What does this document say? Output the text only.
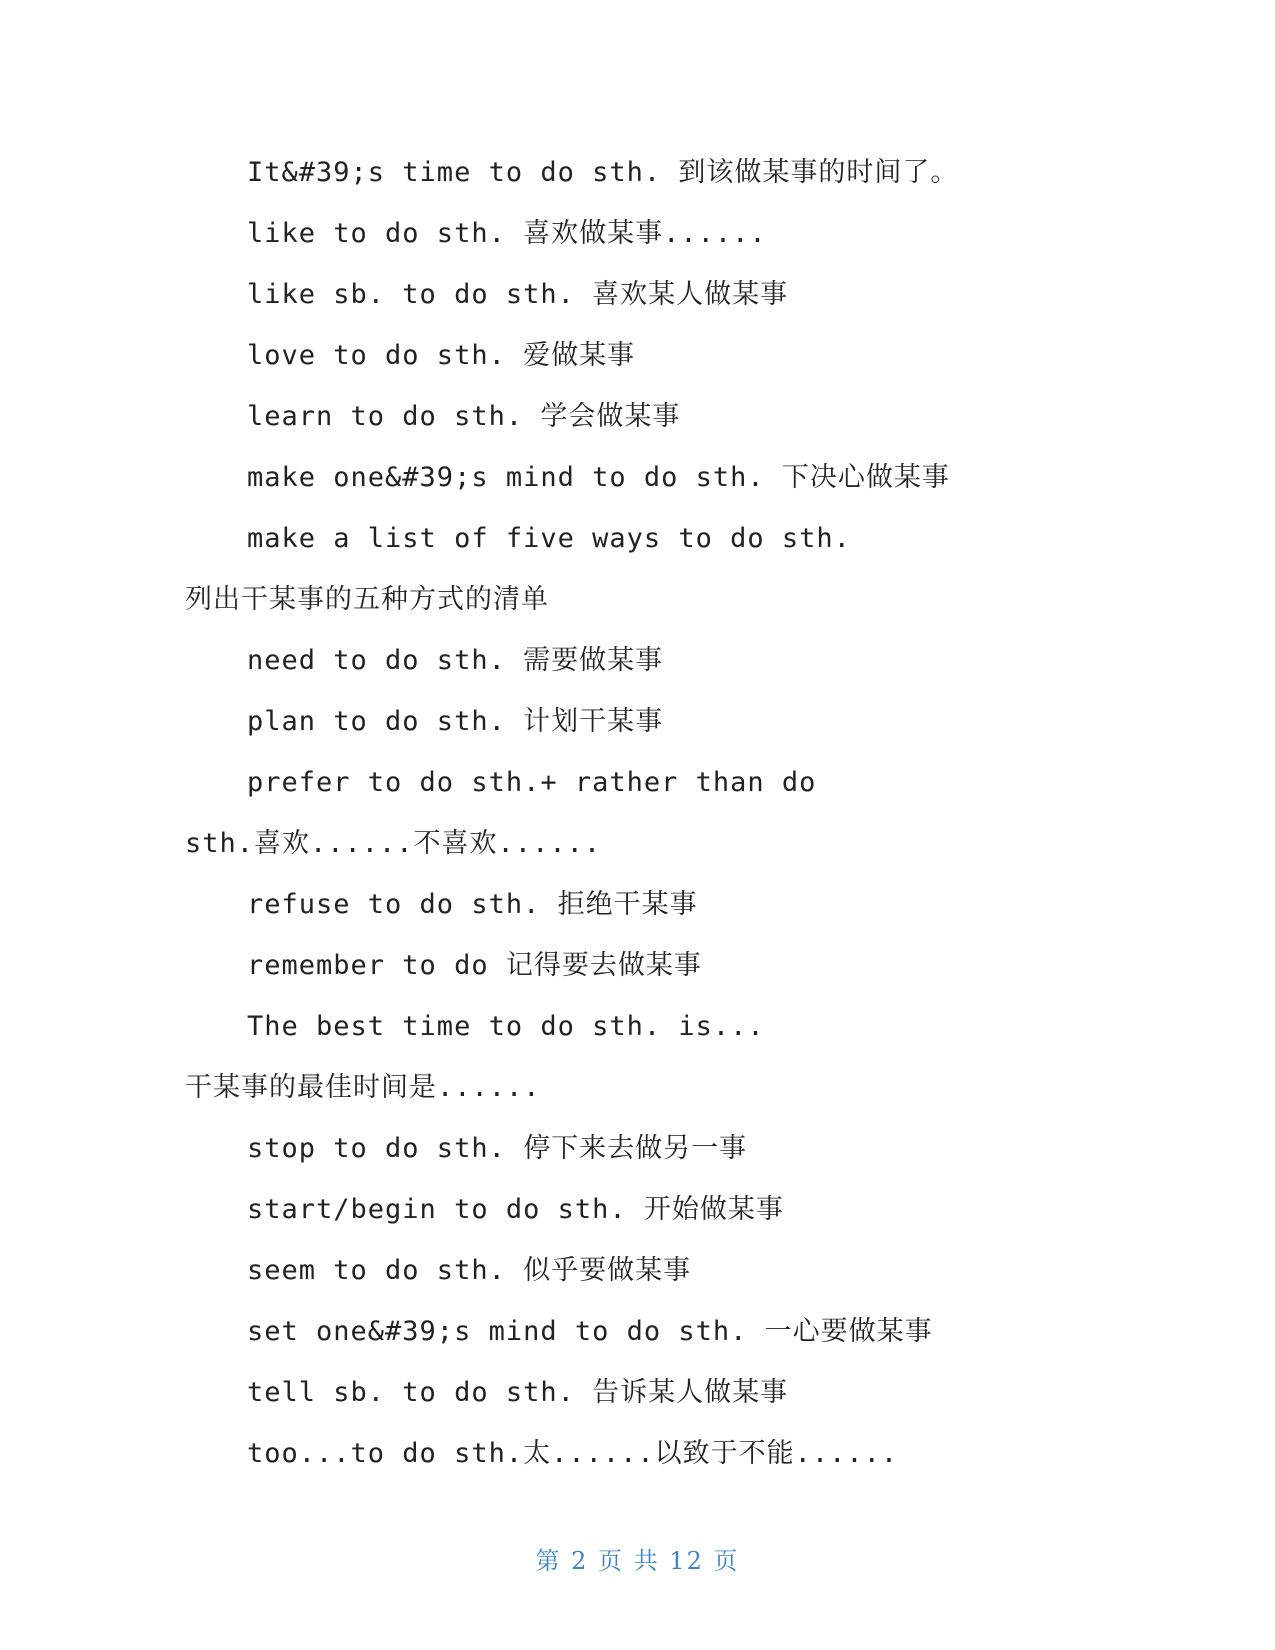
It&#39;s time to do sth. 到该做某事的时间了。
like to do sth. 喜欢做某事......
like sb. to do sth. 喜欢某人做某事
love to do sth. 爱做某事
learn to do sth. 学会做某事
make one&#39;s mind to do sth. 下决心做某事
make a list of five ways to do sth.
列出干某事的五种方式的清单
need to do sth. 需要做某事
plan to do sth. 计划干某事
prefer to do sth.+ rather than do
sth.喜欢......不喜欢......
refuse to do sth. 拒绝干某事
remember to do 记得要去做某事
The best time to do sth. is...
干某事的最佳时间是......
stop to do sth. 停下来去做另一事
start/begin to do sth. 开始做某事
seem to do sth. 似乎要做某事
set one&#39;s mind to do sth. 一心要做某事
tell sb. to do sth. 告诉某人做某事
too...to do sth.太......以致于不能......
第 2 页 共 12 页
